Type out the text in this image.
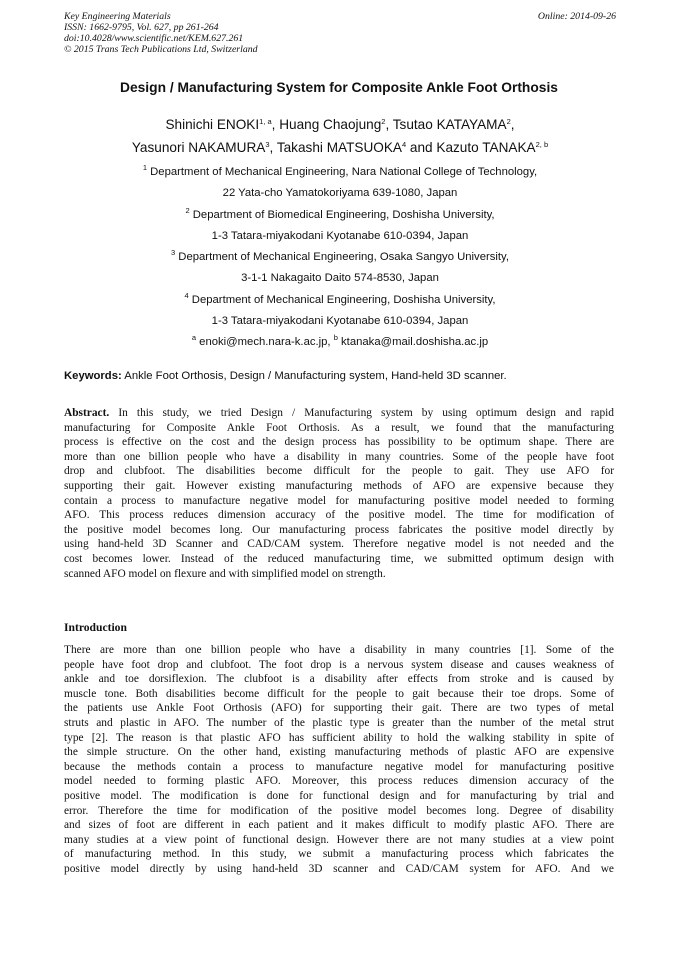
Key Engineering Materials
ISSN: 1662-9795, Vol. 627, pp 261-264
doi:10.4028/www.scientific.net/KEM.627.261
© 2015 Trans Tech Publications Ltd, Switzerland
Online: 2014-09-26
Design / Manufacturing System for Composite Ankle Foot Orthosis
Shinichi ENOKI$^{1, a}$, Huang Chaojung$^2$, Tsutao KATAYAMA$^2$,
Yasunori NAKAMURA$^3$, Takashi MATSUOKA$^4$ and Kazuto TANAKA$^{2, b}$
$^1$ Department of Mechanical Engineering, Nara National College of Technology,
22 Yata-cho Yamatokoriyama 639-1080, Japan
$^2$ Department of Biomedical Engineering, Doshisha University,
1-3 Tatara-miyakodani Kyotanabe 610-0394, Japan
$^3$ Department of Mechanical Engineering, Osaka Sangyo University,
3-1-1 Nakagaito Daito 574-8530, Japan
$^4$ Department of Mechanical Engineering, Doshisha University,
1-3 Tatara-miyakodani Kyotanabe 610-0394, Japan
$^a$ enoki@mech.nara-k.ac.jp, $^b$ ktanaka@mail.doshisha.ac.jp
Keywords: Ankle Foot Orthosis, Design / Manufacturing system, Hand-held 3D scanner.
Abstract. In this study, we tried Design / Manufacturing system by using optimum design and rapid
manufacturing for Composite Ankle Foot Orthosis. As a result, we found that the manufacturing
process is effective on the cost and the design process has possibility to be optimum shape. There are
more than one billion people who have a disability in many countries. Some of the people have foot
drop and clubfoot. The disabilities become difficult for the people to gait. They use AFO for
supporting their gait. However existing manufacturing methods of AFO are expensive because they
contain a process to manufacture negative model for manufacturing positive model needed to forming
AFO. This process reduces dimension accuracy of the positive model. The time for modification of
the positive model becomes long. Our manufacturing process fabricates the positive model directly by
using hand-held 3D Scanner and CAD/CAM system. Therefore negative model is not needed and the
cost becomes lower. Instead of the reduced manufacturing time, we submitted optimum design with
scanned AFO model on flexure and with simplified model on strength.
Introduction
There are more than one billion people who have a disability in many countries [1]. Some of the
people have foot drop and clubfoot. The foot drop is a nervous system disease and causes weakness of
ankle and toe dorsiflexion. The clubfoot is a disability after effects from stroke and is caused by
muscle tone. Both disabilities become difficult for the people to gait because their toe drops. Some of
the patients use Ankle Foot Orthosis (AFO) for supporting their gait. There are two types of metal
struts and plastic in AFO. The number of the plastic type is greater than the number of the metal strut
type [2]. The reason is that plastic AFO has sufficient ability to hold the walking stability in spite of
the simple structure. On the other hand, existing manufacturing methods of plastic AFO are expensive
because the methods contain a process to manufacture negative model for manufacturing positive
model needed to forming plastic AFO. Moreover, this process reduces dimension accuracy of the
positive model. The modification is done for functional design and for manufacturing by trial and
error. Therefore the time for modification of the positive model becomes long. Degree of disability
and sizes of foot are different in each patient and it makes difficult to modify plastic AFO. There are
many studies at a view point of functional design. However there are not many studies at a view point
of manufacturing method. In this study, we submit a manufacturing process which fabricates the
positive model directly by using hand-held 3D scanner and CAD/CAM system for AFO. And we
